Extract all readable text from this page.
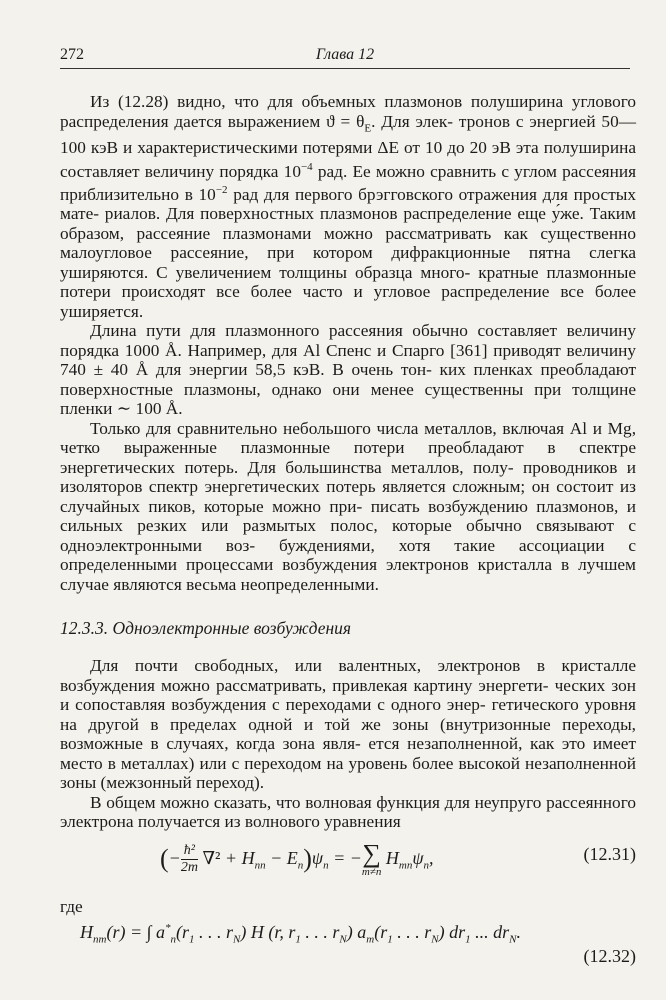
272	Глава 12

Из (12.28) видно, что для объемных плазмонов полуширина углового распределения дается выражением $ϑ = \theta_E$. Для элек- тронов с энергией 50—100 кэВ и характеристическими потерями ΔE от 10 до 20 эВ эта полуширина составляет величину порядка $10^{-4}$ рад. Ее можно сравнить с углом рассеяния приблизительно в $10^{-2}$ рад для первого брэгговского отражения для простых мате- риалов. Для поверхностных плазмонов распределение еще у́же. Таким образом, рассеяние плазмонами можно рассматривать как существенно малоугловое рассеяние, при котором дифракционные пятна слегка уширяются. С увеличением толщины образца много- кратные плазмонные потери происходят все более часто и угловое распределение все более уширяется.

Длина пути для плазмонного рассеяния обычно составляет величину порядка 1000 Å. Например, для Al Спенс и Спарго [361] приводят величину 740 ± 40 Å для энергии 58,5 кэВ. В очень тон- ких пленках преобладают поверхностные плазмоны, однако они менее существенны при толщине пленки ∼ 100 Å.

Только для сравнительно небольшого числа металлов, включая Al и Mg, четко выраженные плазмонные потери преобладают в спектре энергетических потерь. Для большинства металлов, полу- проводников и изоляторов спектр энергетических потерь является сложным; он состоит из случайных пиков, которые можно при- писать возбуждению плазмонов, и сильных резких или размытых полос, которые обычно связывают с одноэлектронными воз- буждениями, хотя такие ассоциации с определенными процессами возбуждения электронов кристалла в лучшем случае являются весьма неопределенными.

12.3.3. Одноэлектронные возбуждения

Для почти свободных, или валентных, электронов в кристалле возбуждения можно рассматривать, привлекая картину энергети- ческих зон и сопоставляя возбуждения с переходами с одного энер- гетического уровня на другой в пределах одной и той же зоны (внутризонные переходы, возможные в случаях, когда зона явля- ется незаполненной, как это имеет место в металлах) или с переходом на уровень более высокой незаполненной зоны (межзонный переход).

В общем можно сказать, что волновая функция для неупруго рассеянного электрона получается из волнового уравнения

(− $\frac{\text{ħ²}}{2m} \nabla^2 + H_{nn} - E_n)\psi_n$ = − ∑
m≠n
$H_{mn}\psi_n$,	(12.31)
где
$H_{nm}(r)$ = ∫ $a^*_n(r_1$ . . . $r_N$) H (r, $r_1$ . . . $r_N$) $a_m(r_1$ . . . $r_N$) $dr_1$ ... $dr_N$.
(12.32)
